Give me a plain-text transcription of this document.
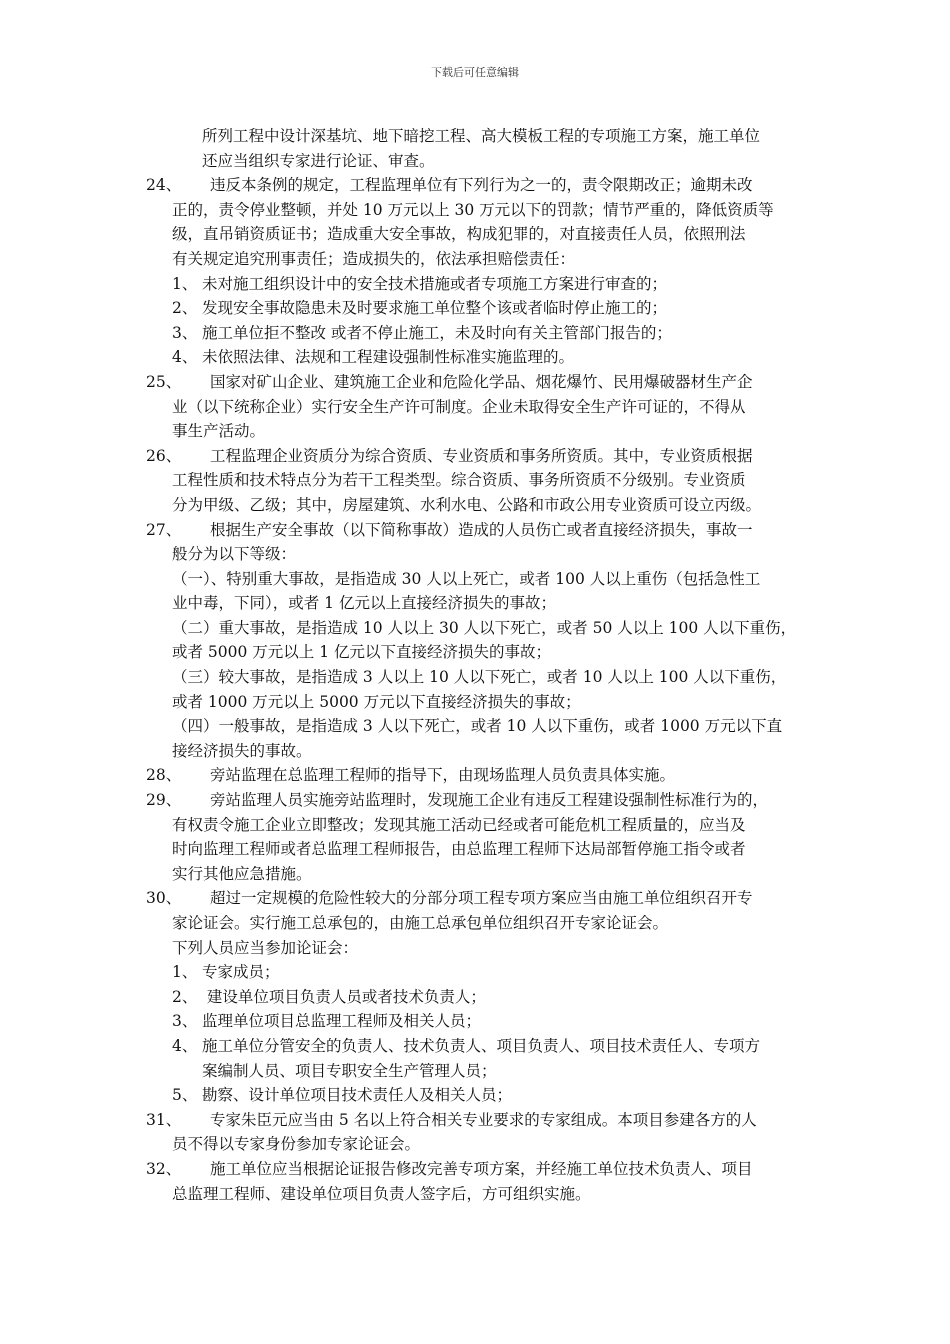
下载后可任意编辑
所列工程中设计深基坑、地下暗挖工程、高大模板工程的专项施工方案，施工单位
还应当组织专家进行论证、审查。
24、 违反本条例的规定，工程监理单位有下列行为之一的，责令限期改正；逾期未改
正的，责令停业整顿，并处 10 万元以上 30 万元以下的罚款；情节严重的，降低资质等
级，直吊销资质证书；造成重大安全事故，构成犯罪的，对直接责任人员，依照刑法
有关规定追究刑事责任；造成损失的，依法承担赔偿责任：
1、 未对施工组织设计中的安全技术措施或者专项施工方案进行审查的；
2、 发现安全事故隐患未及时要求施工单位整个该或者临时停止施工的；
3、 施工单位拒不整改 或者不停止施工，未及时向有关主管部门报告的；
4、 未依照法律、法规和工程建设强制性标准实施监理的。
25、 国家对矿山企业、建筑施工企业和危险化学品、烟花爆竹、民用爆破器材生产企
业（以下统称企业）实行安全生产许可制度。企业未取得安全生产许可证的，不得从
事生产活动。
26、 工程监理企业资质分为综合资质、专业资质和事务所资质。其中，专业资质根据
工程性质和技术特点分为若干工程类型。综合资质、事务所资质不分级别。专业资质
分为甲级、乙级；其中，房屋建筑、水利水电、公路和市政公用专业资质可设立丙级。
27、 根据生产安全事故（以下简称事故）造成的人员伤亡或者直接经济损失，事故一
般分为以下等级：
（一）、特别重大事故，是指造成 30 人以上死亡，或者 100 人以上重伤（包括急性工
业中毒，下同），或者 1 亿元以上直接经济损失的事故；
（二）重大事故，是指造成 10 人以上 30 人以下死亡，或者 50 人以上 100 人以下重伤，
或者 5000 万元以上 1 亿元以下直接经济损失的事故；
（三）较大事故，是指造成 3 人以上 10 人以下死亡，或者 10 人以上 100 人以下重伤，
或者 1000 万元以上 5000 万元以下直接经济损失的事故；
（四）一般事故，是指造成 3 人以下死亡，或者 10 人以下重伤，或者 1000 万元以下直
接经济损失的事故。
28、 旁站监理在总监理工程师的指导下，由现场监理人员负责具体实施。
29、 旁站监理人员实施旁站监理时，发现施工企业有违反工程建设强制性标准行为的，
有权责令施工企业立即整改；发现其施工活动已经或者可能危机工程质量的，应当及
时向监理工程师或者总监理工程师报告，由总监理工程师下达局部暂停施工指令或者
实行其他应急措施。
30、 超过一定规模的危险性较大的分部分项工程专项方案应当由施工单位组织召开专
家论证会。实行施工总承包的，由施工总承包单位组织召开专家论证会。
下列人员应当参加论证会：
1、 专家成员；
2、 建设单位项目负责人员或者技术负责人；
3、 监理单位项目总监理工程师及相关人员；
4、 施工单位分管安全的负责人、技术负责人、项目负责人、项目技术责任人、专项方
案编制人员、项目专职安全生产管理人员；
5、 勘察、设计单位项目技术责任人及相关人员；
31、 专家朱臣元应当由 5 名以上符合相关专业要求的专家组成。本项目参建各方的人
员不得以专家身份参加专家论证会。
32、 施工单位应当根据论证报告修改完善专项方案，并经施工单位技术负责人、项目
总监理工程师、建设单位项目负责人签字后，方可组织实施。
